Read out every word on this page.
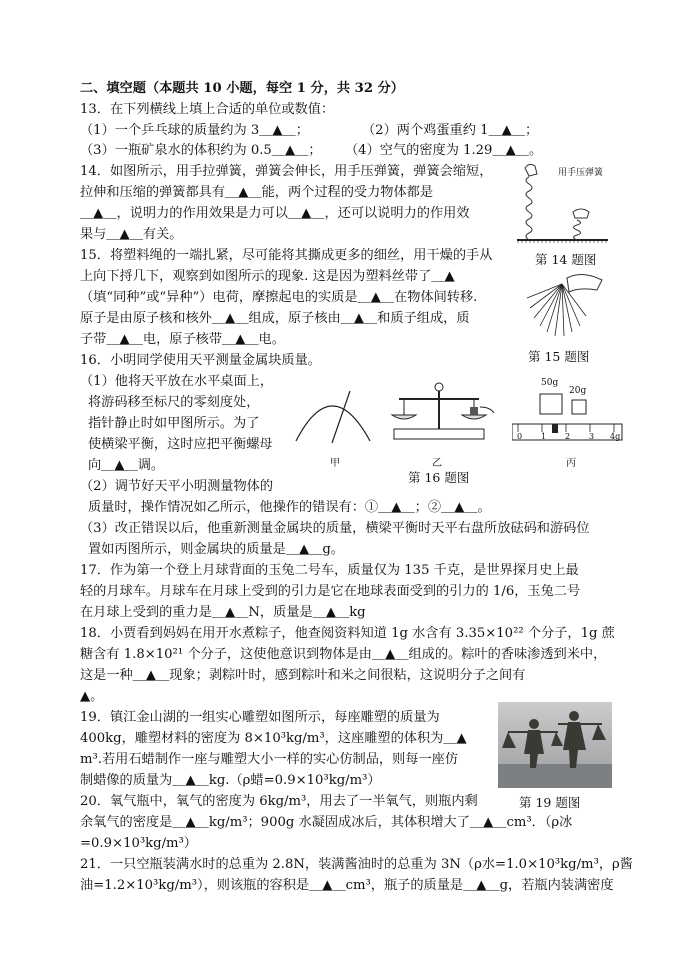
二、填空题（本题共 10 小题，每空 1 分，共 32 分）
13．在下列横线上填上合适的单位或数值：
（1）一个乒乓球的质量约为 3＿▲＿；	（2）两个鸡蛋重约 1＿▲＿；
（3）一瓶矿泉水的体积约为 0.5＿▲＿； （4）空气的密度为 1.29＿▲＿。
14．如图所示，用手拉弹簧，弹簧会伸长，用手压弹簧，弹簧会缩短，
拉伸和压缩的弹簧都具有＿▲＿能，两个过程的受力物体都是
＿▲＿，说明力的作用效果是力可以＿▲＿，还可以说明力的作用效
果与＿▲＿有关。
15．将塑料绳的一端扎紧，尽可能将其撕成更多的细丝，用干燥的手从
上向下捋几下，观察到如图所示的现象. 这是因为塑料丝带了＿▲
（填“同种”或“异种”）电荷，摩擦起电的实质是＿▲＿在物体间转移.
原子是由原子核和核外＿▲＿组成，原子核由＿▲＿和质子组成，质
子带＿▲＿电，原子核带＿▲＿电。
16．小明同学使用天平测量金属块质量。
（1）他将天平放在水平桌面上，
将游码移至标尺的零刻度处，
指针静止时如甲图所示。为了
使横梁平衡，这时应把平衡螺母
向＿▲＿调。
（2）调节好天平小明测量物体的
质量时，操作情况如乙所示，他操作的错误有：①＿▲＿；②＿▲＿。
（3）改正错误以后，他重新测量金属块的质量，横梁平衡时天平右盘所放砝码和游码位
置如丙图所示，则金属块的质量是＿▲＿g。
17．作为第一个登上月球背面的玉兔二号车，质量仅为 135 千克，是世界探月史上最
轻的月球车。月球车在月球上受到的引力是它在地球表面受到的引力的 1/6，玉兔二号
在月球上受到的重力是＿▲＿N，质量是＿▲＿kg
18．小贾看到妈妈在用开水煮粽子，他查阅资料知道 1g 水含有 3.35×10²² 个分子，1g 蔗
糖含有 1.8×10²¹ 个分子，这使他意识到物体是由＿▲＿组成的。粽叶的香味渗透到米中，
这是一种＿▲＿现象；剥粽叶时，感到粽叶和米之间很粘，这说明分子之间有
▲。
19．镇江金山湖的一组实心雕塑如图所示，每座雕塑的质量为
400kg，雕塑材料的密度为 8×10³kg/m³，这座雕塑的体积为＿▲
m³.若用石蜡制作一座与雕塑大小一样的实心仿制品，则每一座仿
制蜡像的质量为＿▲＿kg.（ρ蜡=0.9×10³kg/m³）
20．氧气瓶中，氧气的密度为 6kg/m³，用去了一半氧气，则瓶内剩
余氧气的密度是＿▲＿kg/m³；900g 水凝固成冰后，其体积增大了＿▲＿cm³．（ρ冰
=0.9×10³kg/m³）
21．一只空瓶装满水时的总重为 2.8N，装满酱油时的总重为 3N（ρ水=1.0×10³kg/m³，ρ酱
油=1.2×10³kg/m³），则该瓶的容积是＿▲＿cm³，瓶子的质量是＿▲＿g，若瓶内装满密度
用手压弹簧
第 14 题图
第 15 题图
甲	乙
50g
20g
0 1 2 3 4g
丙
第 16 题图
第 19 题图
